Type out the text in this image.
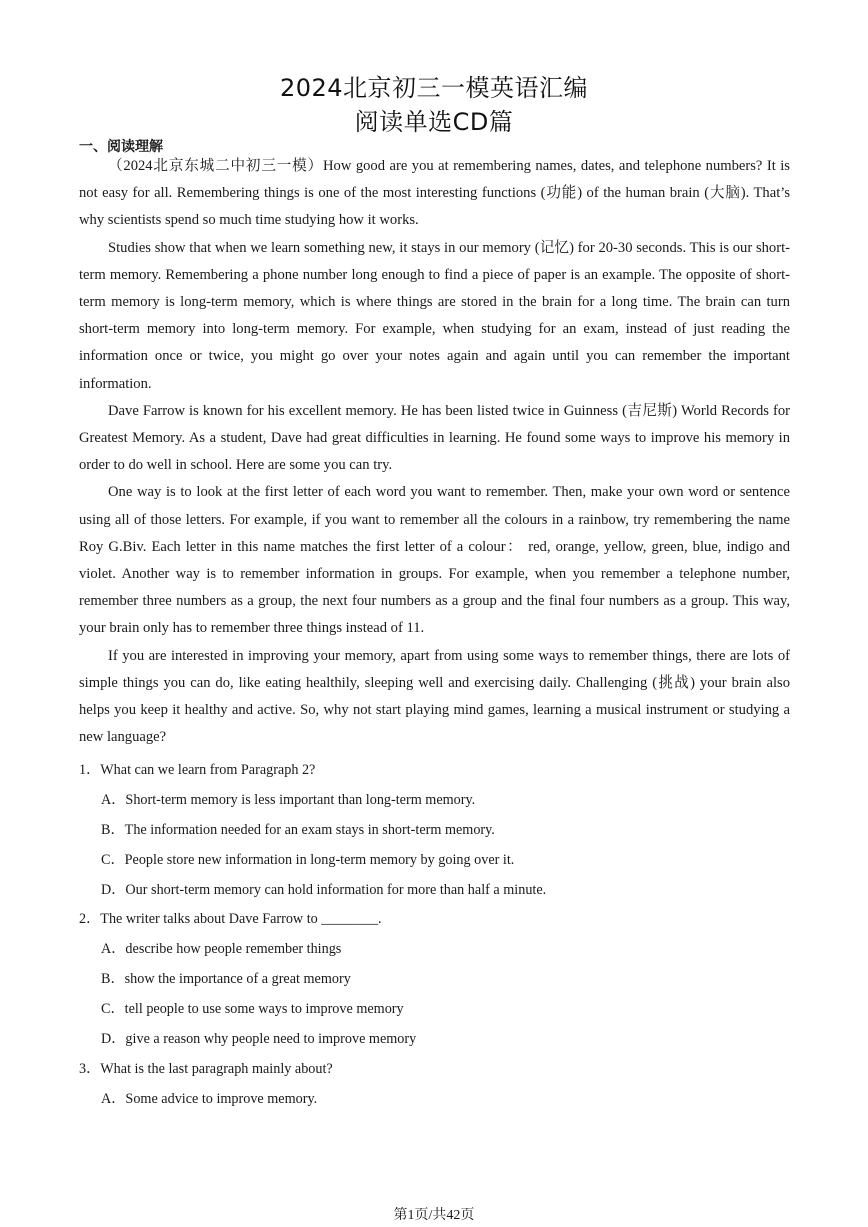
2024北京初三一模英语汇编
阅读单选CD篇
一、阅读理解

（2024北京东城二中初三一模）How good are you at remembering names, dates, and telephone numbers? It is not easy for all. Remembering things is one of the most interesting functions (功能) of the human brain (大脑). That’s why scientists spend so much time studying how it works.

Studies show that when we learn something new, it stays in our memory (记忆) for 20-30 seconds. This is our short-term memory. Remembering a phone number long enough to find a piece of paper is an example. The opposite of short-term memory is long-term memory, which is where things are stored in the brain for a long time. The brain can turn short-term memory into long-term memory. For example, when studying for an exam, instead of just reading the information once or twice, you might go over your notes again and again until you can remember the important information.

Dave Farrow is known for his excellent memory. He has been listed twice in Guinness (吉尼斯) World Records for Greatest Memory. As a student, Dave had great difficulties in learning. He found some ways to improve his memory in order to do well in school. Here are some you can try.

One way is to look at the first letter of each word you want to remember. Then, make your own word or sentence using all of those letters. For example, if you want to remember all the colours in a rainbow, try remembering the name Roy G.Biv. Each letter in this name matches the first letter of a colour： red, orange, yellow, green, blue, indigo and violet. Another way is to remember information in groups. For example, when you remember a telephone number, remember three numbers as a group, the next four numbers as a group and the final four numbers as a group. This way, your brain only has to remember three things instead of 11.

If you are interested in improving your memory, apart from using some ways to remember things, there are lots of simple things you can do, like eating healthily, sleeping well and exercising daily. Challenging (挑战) your brain also helps you keep it healthy and active. So, why not start playing mind games, learning a musical instrument or studying a new language?

1．What can we learn from Paragraph 2?
A．Short-term memory is less important than long-term memory.
B．The information needed for an exam stays in short-term memory.
C．People store new information in long-term memory by going over it.
D．Our short-term memory can hold information for more than half a minute.
2．The writer talks about Dave Farrow to ________.
A．describe how people remember things
B．show the importance of a great memory
C．tell people to use some ways to improve memory
D．give a reason why people need to improve memory
3．What is the last paragraph mainly about?
A．Some advice to improve memory.
第1页/共42页
